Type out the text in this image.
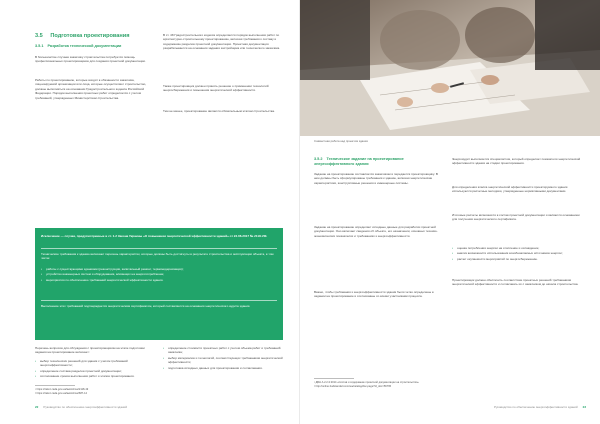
3.5 Подготовка проектирования
3.5.1 Разработка технической документации

В большинстве случаев заказчику строительства потребуется помощь профессиональных проектировщиков для создания проектной документации.

Работы по проектированию, которые входят в обязанности заказчика, лицензируемой организации или лица, которые осуществляют строительство, должны выполняться на основании Градостроительного кодекса Российской Федерации. Порядок выполнения проектных работ определяется с учетом требований, утвержденных Министерством строительства.

В ст. 48 Градостроительного кодекса определяется порядок выполнения работ по архитектурно-строительному проектированию, включая требования к составу и содержанию разделов проектной документации. Проектная документация разрабатывается на основании задания застройщика или технического заказчика.

Также проектировщик должен принять решение о применении технологий энергосбережения и повышения энергетической эффективности.

Тем не менее, проектирование является обязательным этапом строительства.

Исключение — случаи, предусмотренные в ст. 1.2 Закона Украины «О повышении энергетической эффективности зданий» от 22.06.2017 № 2118-VIII.

Технические требования к зданию включают перечень характеристик, которые должны быть достигнуты в результате строительства и эксплуатации объекта, в том числе:

• работы с существующими зданиями (реконструкция, капитальный ремонт, термомодернизация);
• устройство инженерных систем и оборудования, влияющих на энергопотребление;
• мероприятия по обеспечению требований энергетической эффективности здания.

Выполнение этих требований подтверждается энергетическим сертификатом, который составляется на основании энергетического аудита здания.

Перечень вопросов для обсуждения с проектировщиком на этапе подготовки задания на проектирование включает:

• выбор технических решений для здания с учетом требований энергоэффективности;
• определение состава разделов проектной документации;
• согласование сроков выполнения работ и этапов проектирования.
• определение стоимости проектных работ с учетом объема работ и требований заказчика;
• выбор материалов и технологий, соответствующих требованиям энергетической эффективности;
• подготовка исходных данных для проектирования и согласования.
¹ https://zakon.rada.gov.ua/laws/show/2118-19
² https://zakon.rada.gov.ua/laws/show/687-14
22 Руководство по обеспечению энергоэффективности зданий
Совместная работа над проектом здания
3.5.2 Техническое задание на проектирование энергоэффективного здания

Задание на проектирование составляется заказчиком и передается проектировщику. В нем должны быть сформулированы требования к зданию, включая энергетические характеристики, конструктивные решения и инженерные системы.

Задание на проектирование определяет исходные данные для разработки проектной документации. Оно включает сведения об объекте, его назначении, основных технико-экономических показателях и требованиях к энергоэффективности.

Важно, чтобы требования к энергоэффективности здания были четко определены в задании на проектирование и согласованы со всеми участниками процесса.

Энергоаудит выполняется специалистом, который определяет показатели энергетической эффективности здания на стадии проектирования.

Для определения класса энергетической эффективности проектируемого здания используются расчетные методики, утвержденные нормативными документами.

Итоговые расчеты включаются в состав проектной документации и являются основанием для получения энергетического сертификата.

• оценка потребления энергии на отопление и охлаждение;
• анализ возможности использования возобновляемых источников энергии;
• расчет окупаемости мероприятий по энергосбережению.

Проектировщик должен обеспечить соответствие проектных решений требованиям энергетической эффективности и согласовать их с заказчиком до начала строительства.

¹ ДБН А.2.2-3:2014 «Состав и содержание проектной документации на строительство»
² http://online.budstandart.com/ua/catalog/doc-page?id_doc=56765
Руководство по обеспечению энергоэффективности зданий 23
